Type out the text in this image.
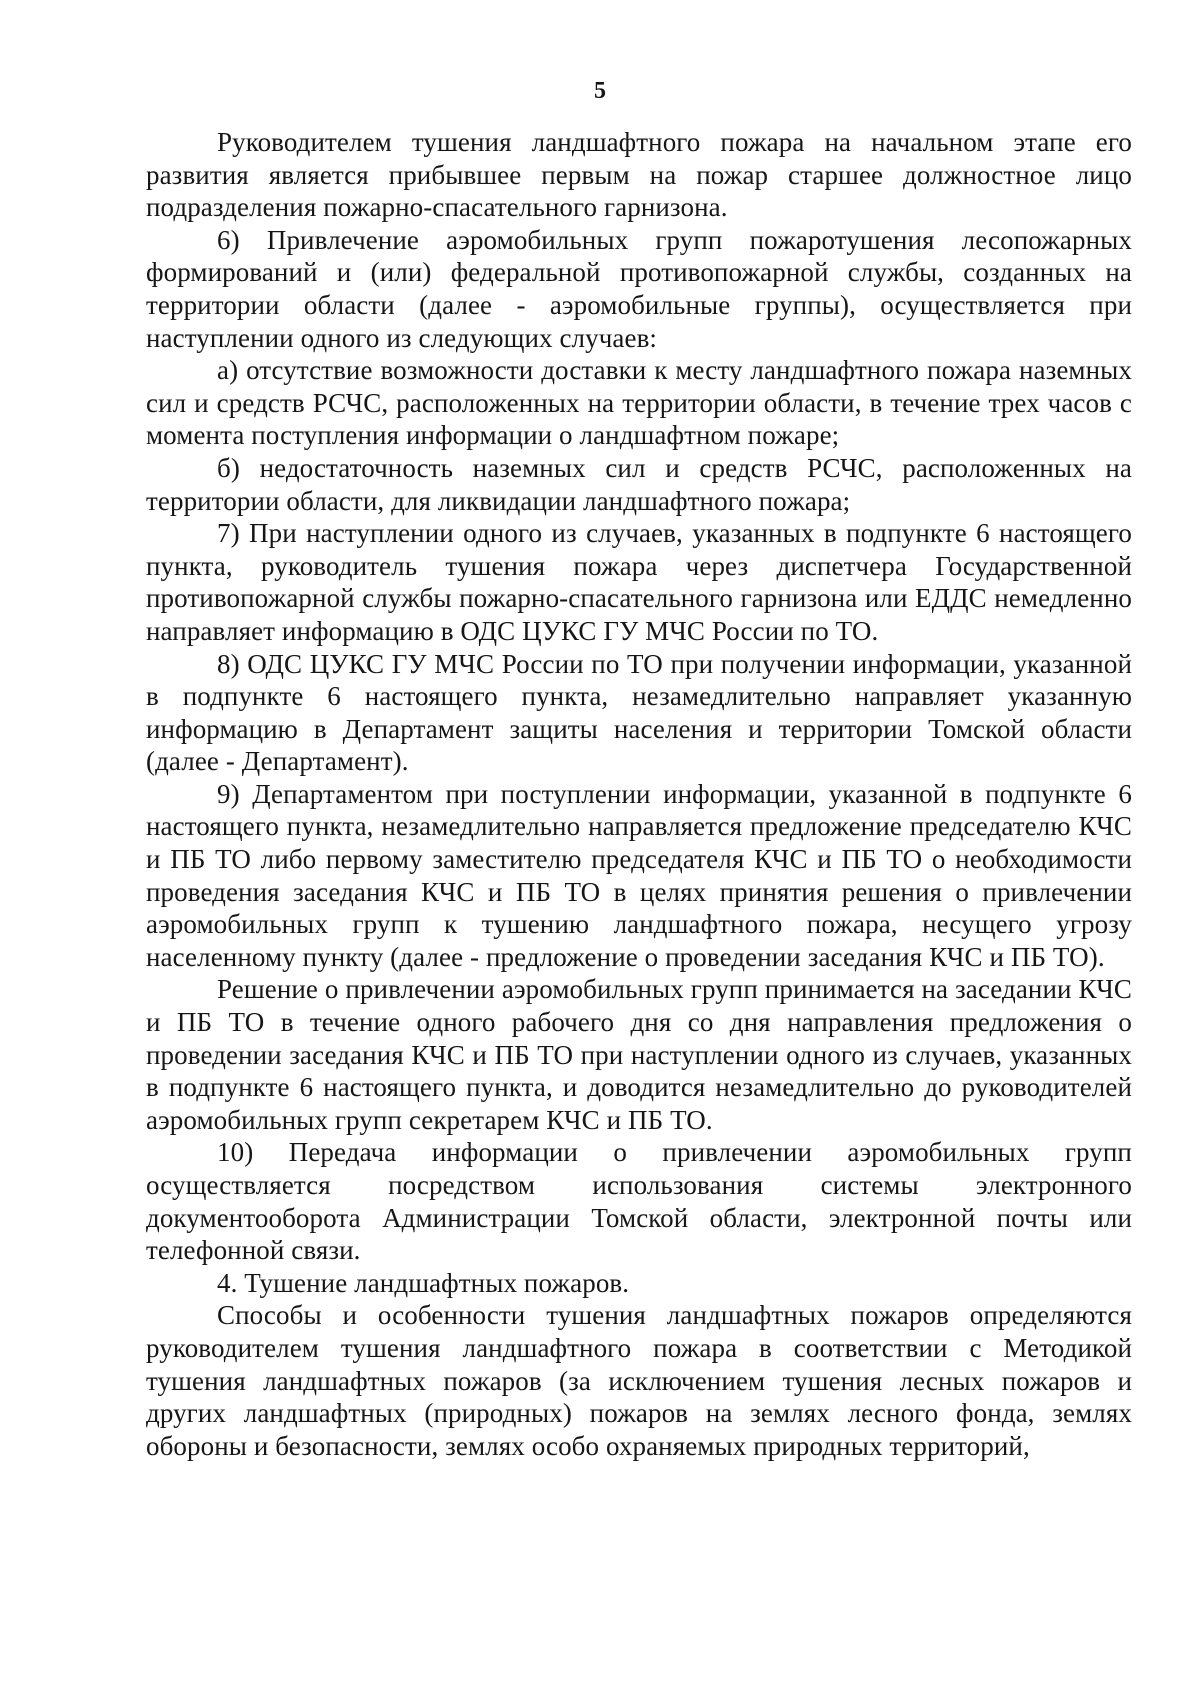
5

Руководителем тушения ландшафтного пожара на начальном этапе его развития является прибывшее первым на пожар старшее должностное лицо подразделения пожарно-спасательного гарнизона.

6) Привлечение аэромобильных групп пожаротушения лесопожарных формирований и (или) федеральной противопожарной службы, созданных на территории области (далее - аэромобильные группы), осуществляется при наступлении одного из следующих случаев:

а) отсутствие возможности доставки к месту ландшафтного пожара наземных сил и средств РСЧС, расположенных на территории области, в течение трех часов с момента поступления информации о ландшафтном пожаре;

б) недостаточность наземных сил и средств РСЧС, расположенных на территории области, для ликвидации ландшафтного пожара;

7) При наступлении одного из случаев, указанных в подпункте 6 настоящего пункта, руководитель тушения пожара через диспетчера Государственной противопожарной службы пожарно-спасательного гарнизона или ЕДДС немедленно направляет информацию в ОДС ЦУКС ГУ МЧС России по ТО.

8) ОДС ЦУКС ГУ МЧС России по ТО при получении информации, указанной в подпункте 6 настоящего пункта, незамедлительно направляет указанную информацию в Департамент защиты населения и территории Томской области (далее - Департамент).

9) Департаментом при поступлении информации, указанной в подпункте 6 настоящего пункта, незамедлительно направляется предложение председателю КЧС и ПБ ТО либо первому заместителю председателя КЧС и ПБ ТО о необходимости проведения заседания КЧС и ПБ ТО в целях принятия решения о привлечении аэромобильных групп к тушению ландшафтного пожара, несущего угрозу населенному пункту (далее - предложение о проведении заседания КЧС и ПБ ТО).

Решение о привлечении аэромобильных групп принимается на заседании КЧС и ПБ ТО в течение одного рабочего дня со дня направления предложения о проведении заседания КЧС и ПБ ТО при наступлении одного из случаев, указанных в подпункте 6 настоящего пункта, и доводится незамедлительно до руководителей аэромобильных групп секретарем КЧС и ПБ ТО.

10) Передача информации о привлечении аэромобильных групп осуществляется посредством использования системы электронного документооборота Администрации Томской области, электронной почты или телефонной связи.

4. Тушение ландшафтных пожаров.

Способы и особенности тушения ландшафтных пожаров определяются руководителем тушения ландшафтного пожара в соответствии с Методикой тушения ландшафтных пожаров (за исключением тушения лесных пожаров и других ландшафтных (природных) пожаров на землях лесного фонда, землях обороны и безопасности, землях особо охраняемых природных территорий,
